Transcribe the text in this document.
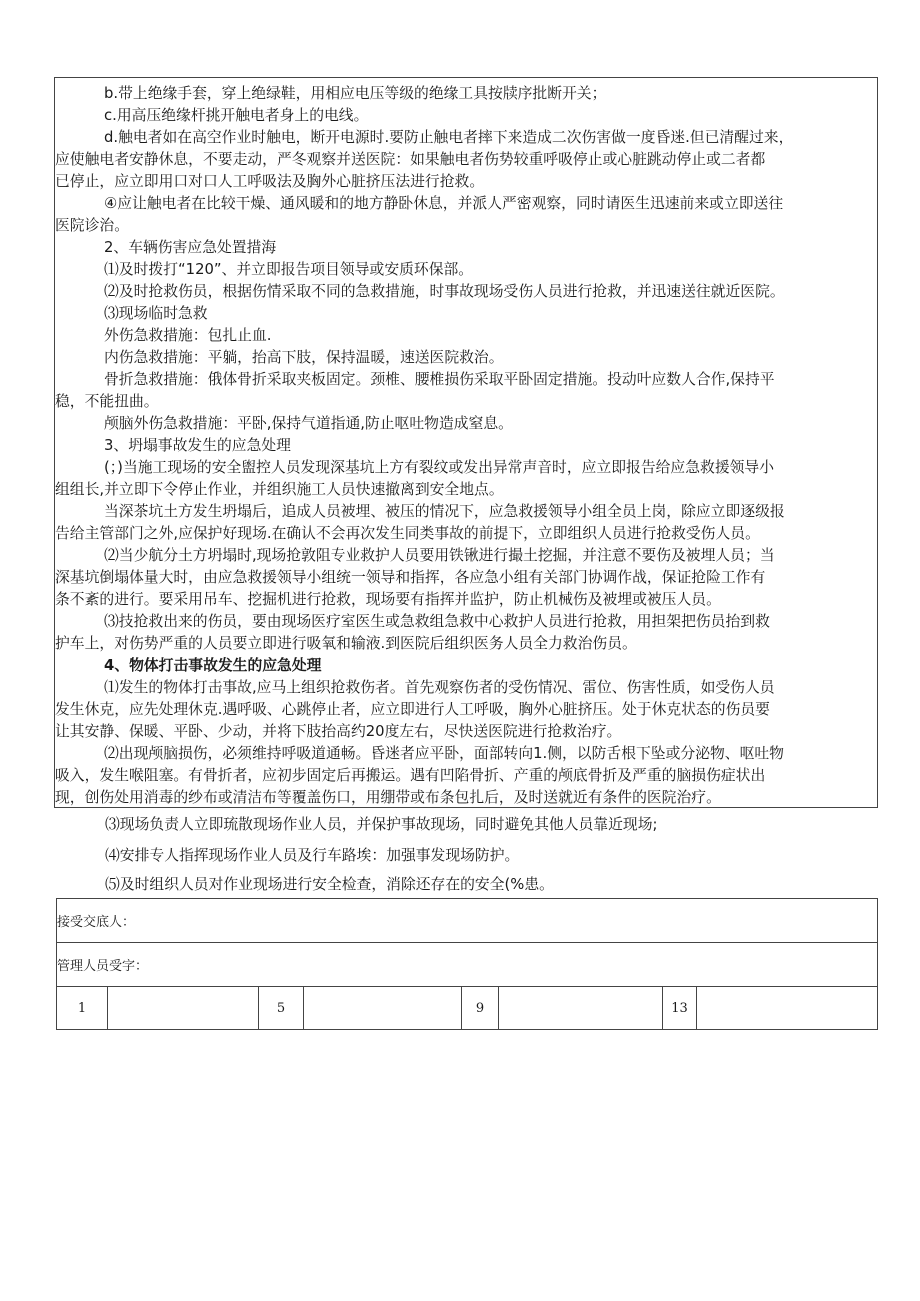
b.带上绝缘手套，穿上绝绿鞋，用相应电压等级的绝缘工具按牍序批断开关；
c.用高压绝缘杆挑开触电者身上的电线。
d.触电者如在高空作业时触电，断开电源时.要防止触电者摔下来造成二次伤害做一度昏迷.但已清醒过来，
应使触电者安静休息，不要走动，严冬观察并送医院：如果触电者伤势较重呼吸停止或心脏跳动停止或二者都
已停止，应立即用口对口人工呼吸法及胸外心脏挤压法进行抢救。
④应让触电者在比较干燥、通风暖和的地方静卧休息，并派人严密观察，同时请医生迅速前来或立即送往
医院诊治。
2、车辆伤害应急处置措海
⑴及时拨打“120”、并立即报告项目领导或安质环保部。
⑵及时抢救伤员，根据伤情采取不同的急救措施，时事故现场受伤人员进行抢救，并迅速送往就近医院。
⑶现场临时急救
外伤急救措施：包扎止血.
内伤急救措施：平躺，抬高下肢，保持温暖，速送医院救治。
骨折急救措施：俄体骨折采取夹板固定。颈椎、腰椎损伤采取平卧固定措施。投动叶应数人合作,保持平
稳，不能扭曲。
颅脑外伤急救措施：平卧,保持气道指通,防止呕吐物造成窒息。
3、坍塌事故发生的应急处理
(；)当施工现场的安全盥控人员发现深基坑上方有裂纹或发出异常声音时，应立即报告给应急救援领导小
组组长,并立即下令停止作业，并组织施工人员快速撤离到安全地点。
当深茶坑土方发生坍塌后，追成人员被埋、被压的情况下，应急救援领导小组全员上岗，除应立即逐级报
告给主管部门之外,应保护好现场.在确认不会再次发生同类事故的前提下，立即组织人员进行抢救受伤人员。
⑵当少航分土方坍塌时,现场抢敦阻专业救护人员要用铁锹进行撮土挖掘，并注意不要伤及被埋人员；当
深基坑倒塌体量大时，由应急救援领导小组统一领导和指挥，各应急小组有关部门协调作战，保证抢险工作有
条不紊的进行。要采用吊车、挖掘机进行抢救，现场要有指挥并监护，防止机械伤及被埋或被压人员。
⑶技抢救出来的伤员，要由现场医疗室医生或急救组急救中心救护人员进行抢救，用担架把伤员抬到救
护车上，对伤势严重的人员要立即进行吸氧和输液.到医院后组织医务人员全力救治伤员。
4、物体打击事故发生的应急处理
⑴发生的物体打击事故,应马上组织抢救伤者。首先观察伤者的受伤情况、雷位、伤害性质，如受伤人员
发生休克，应先处理休克.遇呼吸、心跳停止者，应立即进行人工呼吸，胸外心脏挤压。处于休克状态的伤员要
让其安静、保暖、平卧、少动，并将下肢抬高约20度左右，尽快送医院进行抢救治疗。
⑵出现颅脑损伤，必须维持呼吸道通畅。昏迷者应平卧，面部转向1.侧，以防舌根下坠或分泌物、呕吐物
吸入，发生喉阻塞。有骨折者，应初步固定后再搬运。遇有凹陷骨折、产重的颅底骨折及严重的脑损伤症状出
现，创伤处用消毒的纱布或清洁布等覆盖伤口，用绷带或布条包扎后，及时送就近有条件的医院治疗。
⑶现场负责人立即琉散现场作业人员，并保护事故现场，同时避免其他人员靠近现场;
⑷安排专人指挥现场作业人员及行车路埃：加强事发现场防护。
⑸及时组织人员对作业现场进行安全检查，消除还存在的安全(%患。
接受交底人：
管理人员受字：
1		5		9		13	
